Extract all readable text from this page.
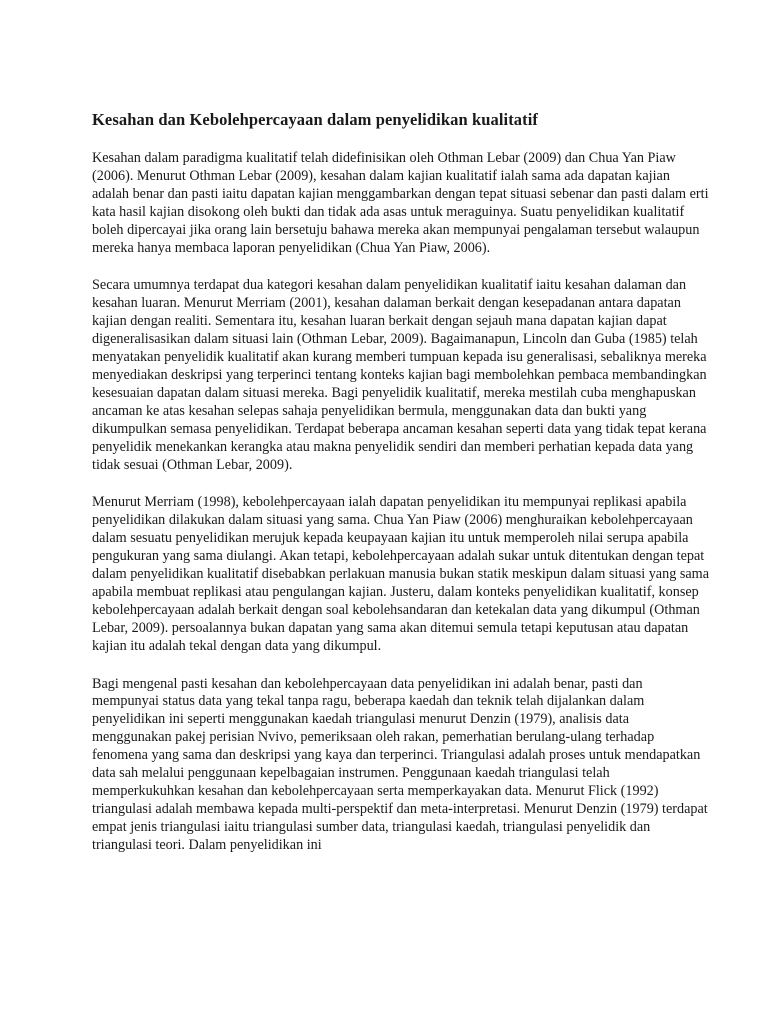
Kesahan dan Kebolehpercayaan dalam penyelidikan kualitatif

Kesahan dalam paradigma kualitatif telah didefinisikan oleh Othman Lebar (2009) dan Chua Yan Piaw (2006). Menurut Othman Lebar (2009), kesahan dalam kajian kualitatif ialah sama ada dapatan kajian adalah benar dan pasti iaitu dapatan kajian menggambarkan dengan tepat situasi sebenar dan pasti dalam erti kata hasil kajian disokong oleh bukti dan tidak ada asas untuk meraguinya. Suatu penyelidikan kualitatif boleh dipercayai jika orang lain bersetuju bahawa mereka akan mempunyai pengalaman tersebut walaupun mereka hanya membaca laporan penyelidikan (Chua Yan Piaw, 2006).

Secara umumnya terdapat dua kategori kesahan dalam penyelidikan kualitatif iaitu kesahan dalaman dan kesahan luaran. Menurut Merriam (2001), kesahan dalaman berkait dengan kesepadanan antara dapatan kajian dengan realiti. Sementara itu, kesahan luaran berkait dengan sejauh mana dapatan kajian dapat digeneralisasikan dalam situasi lain (Othman Lebar, 2009). Bagaimanapun, Lincoln dan Guba (1985) telah menyatakan penyelidik kualitatif akan kurang memberi tumpuan kepada isu generalisasi, sebaliknya mereka menyediakan deskripsi yang terperinci tentang konteks kajian bagi membolehkan pembaca membandingkan kesesuaian dapatan dalam situasi mereka. Bagi penyelidik kualitatif, mereka mestilah cuba menghapuskan ancaman ke atas kesahan selepas sahaja penyelidikan bermula, menggunakan data dan bukti yang dikumpulkan semasa penyelidikan. Terdapat beberapa ancaman kesahan seperti data yang tidak tepat kerana penyelidik menekankan kerangka atau makna penyelidik sendiri dan memberi perhatian kepada data yang tidak sesuai (Othman Lebar, 2009).

Menurut Merriam (1998), kebolehpercayaan ialah dapatan penyelidikan itu mempunyai replikasi apabila penyelidikan dilakukan dalam situasi yang sama. Chua Yan Piaw (2006) menghuraikan kebolehpercayaan dalam sesuatu penyelidikan merujuk kepada keupayaan kajian itu untuk memperoleh nilai serupa apabila pengukuran yang sama diulangi. Akan tetapi, kebolehpercayaan adalah sukar untuk ditentukan dengan tepat dalam penyelidikan kualitatif disebabkan perlakuan manusia bukan statik meskipun dalam situasi yang sama apabila membuat replikasi atau pengulangan kajian. Justeru, dalam konteks penyelidikan kualitatif, konsep kebolehpercayaan adalah berkait dengan soal kebolehsandaran dan ketekalan data yang dikumpul (Othman Lebar, 2009). persoalannya bukan dapatan yang sama akan ditemui semula tetapi keputusan atau dapatan kajian itu adalah tekal dengan data yang dikumpul.

Bagi mengenal pasti kesahan dan kebolehpercayaan data penyelidikan ini adalah benar, pasti dan mempunyai status data yang tekal tanpa ragu, beberapa kaedah dan teknik telah dijalankan dalam penyelidikan ini seperti menggunakan kaedah triangulasi menurut Denzin (1979), analisis data menggunakan pakej perisian Nvivo, pemeriksaan oleh rakan, pemerhatian berulang-ulang terhadap fenomena yang sama dan deskripsi yang kaya dan terperinci. Triangulasi adalah proses untuk mendapatkan data sah melalui penggunaan kepelbagaian instrumen. Penggunaan kaedah triangulasi telah memperkukuhkan kesahan dan kebolehpercayaan serta memperkayakan data. Menurut Flick (1992) triangulasi adalah membawa kepada multi-perspektif dan meta-interpretasi. Menurut Denzin (1979) terdapat empat jenis triangulasi iaitu triangulasi sumber data, triangulasi kaedah, triangulasi penyelidik dan triangulasi teori. Dalam penyelidikan ini
